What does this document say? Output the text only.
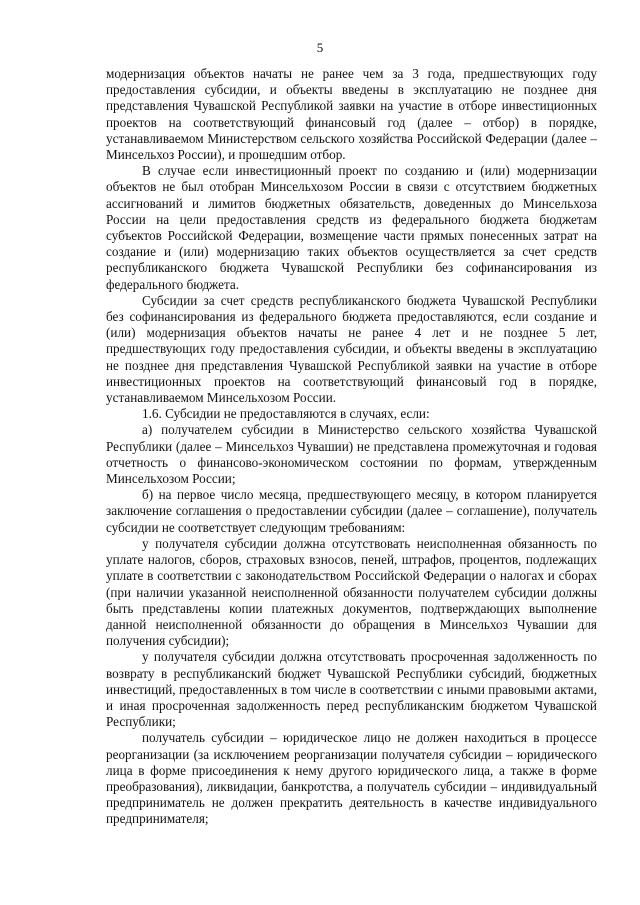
5

модернизация объектов начаты не ранее чем за 3 года, предшествующих году предоставления субсидии, и объекты введены в эксплуатацию не позднее дня представления Чувашской Республикой заявки на участие в отборе инвестиционных проектов на соответствующий финансовый год (далее – отбор) в порядке, устанавливаемом Министерством сельского хозяйства Российской Федерации (далее – Минсельхоз России), и прошедшим отбор.

В случае если инвестиционный проект по созданию и (или) модернизации объектов не был отобран Минсельхозом России в связи с отсутствием бюджетных ассигнований и лимитов бюджетных обязательств, доведенных до Минсельхоза России на цели предоставления средств из федерального бюджета бюджетам субъектов Российской Федерации, возмещение части прямых понесенных затрат на создание и (или) модернизацию таких объектов осуществляется за счет средств республиканского бюджета Чувашской Республики без софинансирования из федерального бюджета.

Субсидии за счет средств республиканского бюджета Чувашской Республики без софинансирования из федерального бюджета предоставляются, если создание и (или) модернизация объектов начаты не ранее 4 лет и не позднее 5 лет, предшествующих году предоставления субсидии, и объекты введены в эксплуатацию не позднее дня представления Чувашской Республикой заявки на участие в отборе инвестиционных проектов на соответствующий финансовый год в порядке, устанавливаемом Минсельхозом России.

1.6. Субсидии не предоставляются в случаях, если:

а) получателем субсидии в Министерство сельского хозяйства Чувашской Республики (далее – Минсельхоз Чувашии) не представлена промежуточная и годовая отчетность о финансово-экономическом состоянии по формам, утвержденным Минсельхозом России;

б) на первое число месяца, предшествующего месяцу, в котором планируется заключение соглашения о предоставлении субсидии (далее – соглашение), получатель субсидии не соответствует следующим требованиям:

у получателя субсидии должна отсутствовать неисполненная обязанность по уплате налогов, сборов, страховых взносов, пеней, штрафов, процентов, подлежащих уплате в соответствии с законодательством Российской Федерации о налогах и сборах (при наличии указанной неисполненной обязанности получателем субсидии должны быть представлены копии платежных документов, подтверждающих выполнение данной неисполненной обязанности до обращения в Минсельхоз Чувашии для получения субсидии);

у получателя субсидии должна отсутствовать просроченная задолженность по возврату в республиканский бюджет Чувашской Республики субсидий, бюджетных инвестиций, предоставленных в том числе в соответствии с иными правовыми актами, и иная просроченная задолженность перед республиканским бюджетом Чувашской Республики;

получатель субсидии – юридическое лицо не должен находиться в процессе реорганизации (за исключением реорганизации получателя субсидии – юридического лица в форме присоединения к нему другого юридического лица, а также в форме преобразования), ликвидации, банкротства, а получатель субсидии – индивидуальный предприниматель не должен прекратить деятельность в качестве индивидуального предпринимателя;
